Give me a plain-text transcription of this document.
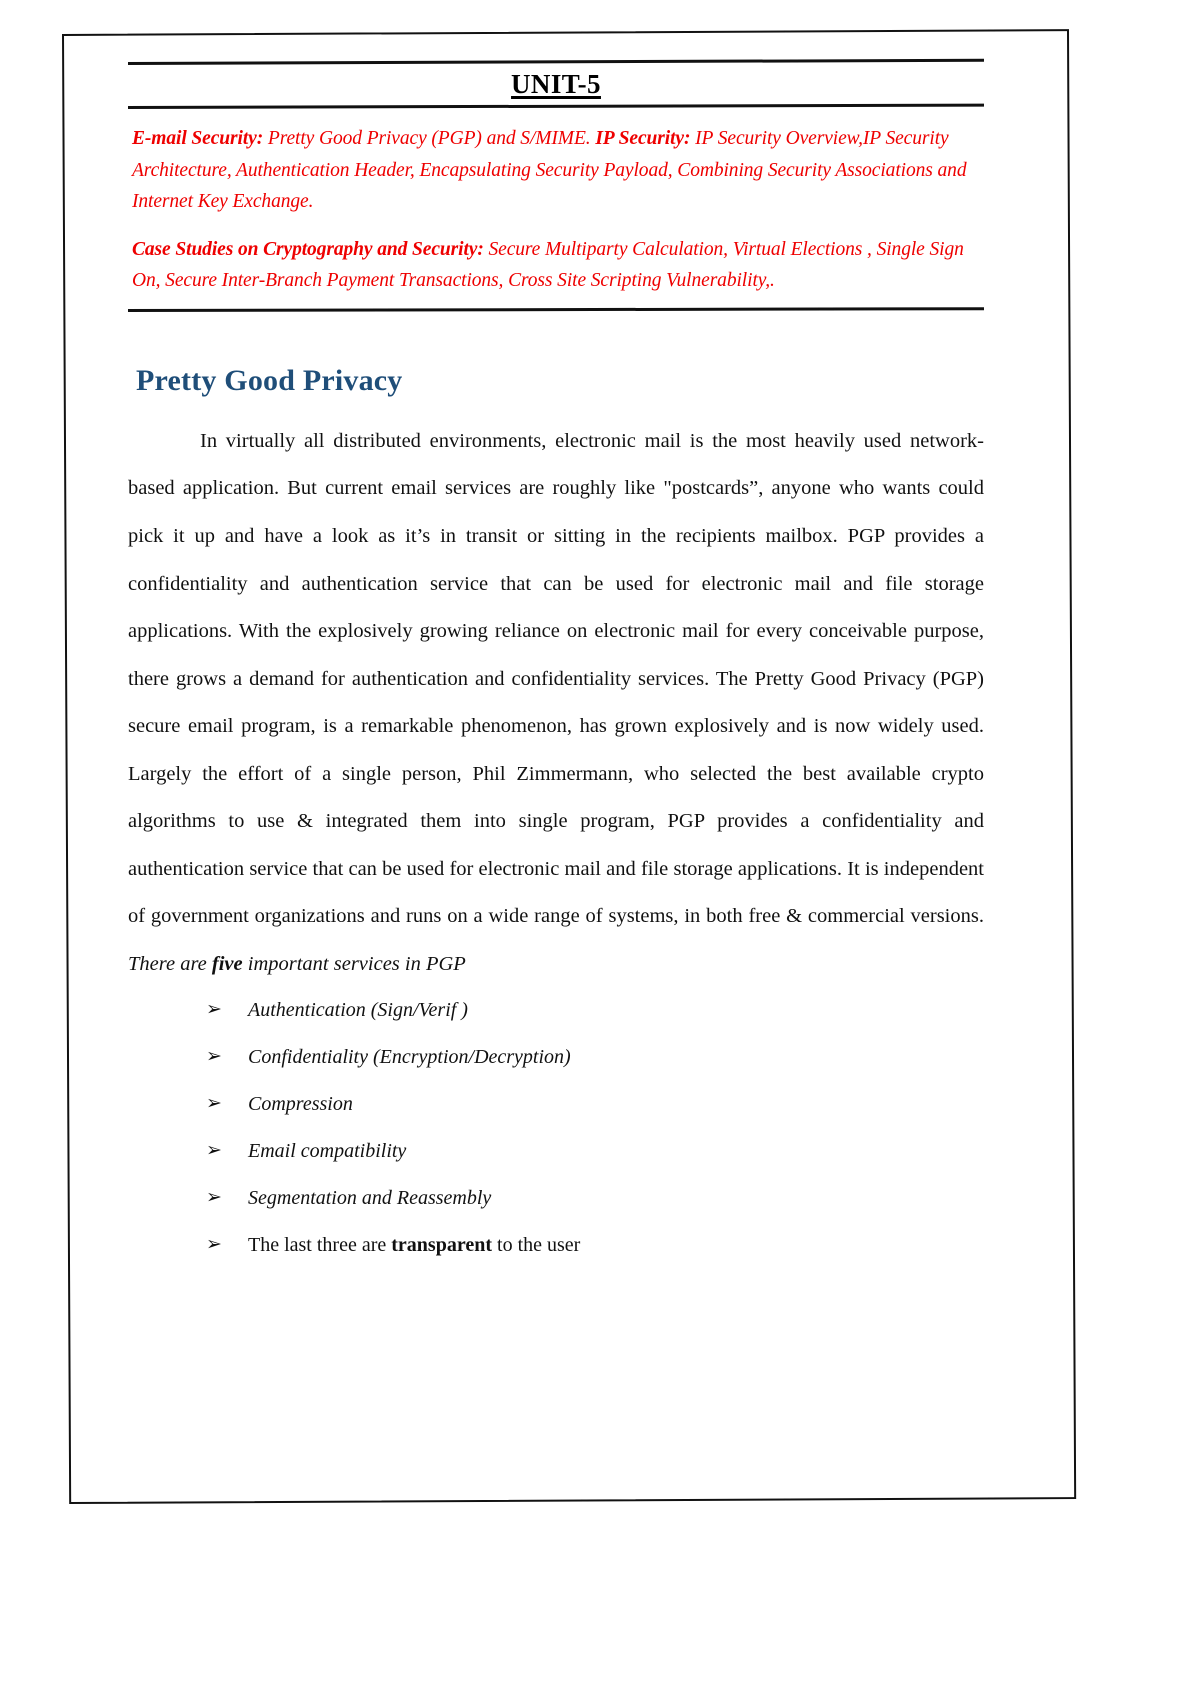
UNIT-5

E-mail Security: Pretty Good Privacy (PGP) and S/MIME. IP Security: IP Security Overview,IP Security Architecture, Authentication Header, Encapsulating Security Payload, Combining Security Associations and Internet Key Exchange.

Case Studies on Cryptography and Security: Secure Multiparty Calculation, Virtual Elections , Single Sign On, Secure Inter-Branch Payment Transactions, Cross Site Scripting Vulnerability,.

Pretty Good Privacy

In virtually all distributed environments, electronic mail is the most heavily used network-based application. But current email services are roughly like "postcards”, anyone who wants could pick it up and have a look as it’s in transit or sitting in the recipients mailbox. PGP provides a confidentiality and authentication service that can be used for electronic mail and file storage applications. With the explosively growing reliance on electronic mail for every conceivable purpose, there grows a demand for authentication and confidentiality services. The Pretty Good Privacy (PGP) secure email program, is a remarkable phenomenon, has grown explosively and is now widely used. Largely the effort of a single person, Phil Zimmermann, who selected the best available crypto algorithms to use & integrated them into single program, PGP provides a confidentiality and authentication service that can be used for electronic mail and file storage applications. It is independent of government organizations and runs on a wide range of systems, in both free & commercial versions. There are five important services in PGP

➢ Authentication (Sign/Verif )
➢ Confidentiality (Encryption/Decryption)
➢ Compression
➢ Email compatibility
➢ Segmentation and Reassembly
➢ The last three are transparent to the user
